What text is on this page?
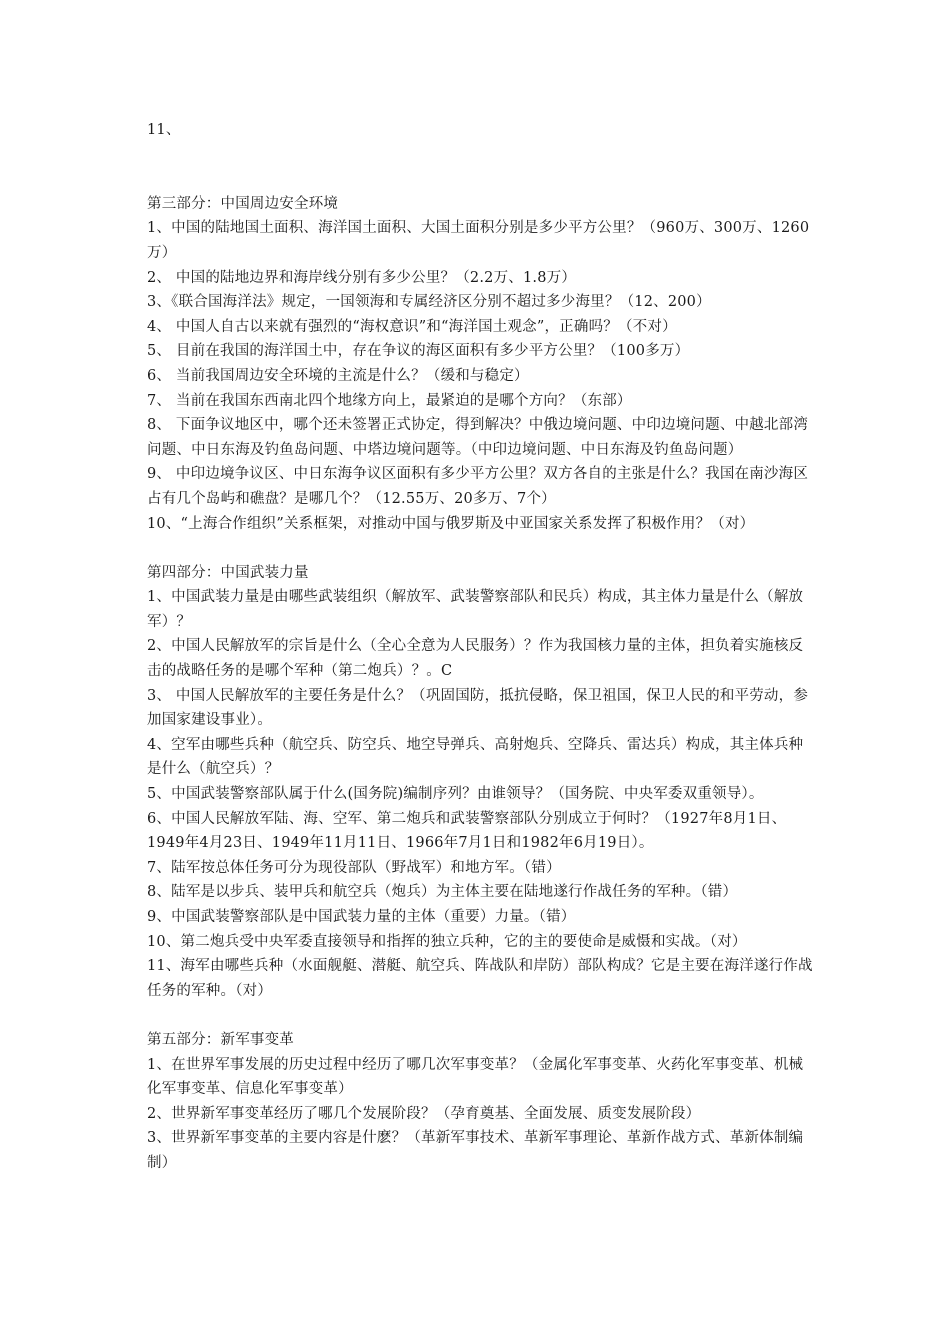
11、

第三部分：中国周边安全环境

1、中国的陆地国土面积、海洋国土面积、大国土面积分别是多少平方公里？（960万、300万、1260万）

2、 中国的陆地边界和海岸线分别有多少公里？（2.2万、1.8万）

3、《联合国海洋法》规定，一国领海和专属经济区分别不超过多少海里？（12、200）

4、 中国人自古以来就有强烈的“海权意识”和“海洋国土观念”，正确吗？（不对）

5、 目前在我国的海洋国土中，存在争议的海区面积有多少平方公里？（100多万）

6、 当前我国周边安全环境的主流是什么？（缓和与稳定）

7、 当前在我国东西南北四个地缘方向上，最紧迫的是哪个方向？（东部）

8、 下面争议地区中，哪个还未签署正式协定，得到解决？中俄边境问题、中印边境问题、中越北部湾问题、中日东海及钓鱼岛问题、中塔边境问题等。（中印边境问题、中日东海及钓鱼岛问题）

9、 中印边境争议区、中日东海争议区面积有多少平方公里？双方各自的主张是什么？我国在南沙海区占有几个岛屿和礁盘？是哪几个？（12.55万、20多万、7个）

10、“上海合作组织”关系框架，对推动中国与俄罗斯及中亚国家关系发挥了积极作用？（对）

第四部分：中国武装力量

1、中国武装力量是由哪些武装组织（解放军、武装警察部队和民兵）构成，其主体力量是什么（解放军）？

2、中国人民解放军的宗旨是什么（全心全意为人民服务）？作为我国核力量的主体，担负着实施核反击的战略任务的是哪个军种（第二炮兵）？。C

3、 中国人民解放军的主要任务是什么？（巩固国防，抵抗侵略，保卫祖国，保卫人民的和平劳动，参加国家建设事业）。

4、空军由哪些兵种（航空兵、防空兵、地空导弹兵、高射炮兵、空降兵、雷达兵）构成，其主体兵种是什么（航空兵）？

5、中国武装警察部队属于什么(国务院)编制序列？由谁领导？（国务院、中央军委双重领导）。

6、中国人民解放军陆、海、空军、第二炮兵和武装警察部队分别成立于何时？（1927年8月1日、1949年4月23日、1949年11月11日、1966年7月1日和1982年6月19日）。

7、陆军按总体任务可分为现役部队（野战军）和地方军。（错）

8、陆军是以步兵、装甲兵和航空兵（炮兵）为主体主要在陆地遂行作战任务的军种。（错）

9、中国武装警察部队是中国武装力量的主体（重要）力量。（错）

10、第二炮兵受中央军委直接领导和指挥的独立兵种，它的主的要使命是威慑和实战。（对）

11、海军由哪些兵种（水面舰艇、潜艇、航空兵、阵战队和岸防）部队构成？它是主要在海洋遂行作战任务的军种。（对）

第五部分：新军事变革

1、在世界军事发展的历史过程中经历了哪几次军事变革？（金属化军事变革、火药化军事变革、机械化军事变革、信息化军事变革）

2、世界新军事变革经历了哪几个发展阶段？（孕育奠基、全面发展、质变发展阶段）

3、世界新军事变革的主要内容是什麽？（革新军事技术、革新军事理论、革新作战方式、革新体制编制）
